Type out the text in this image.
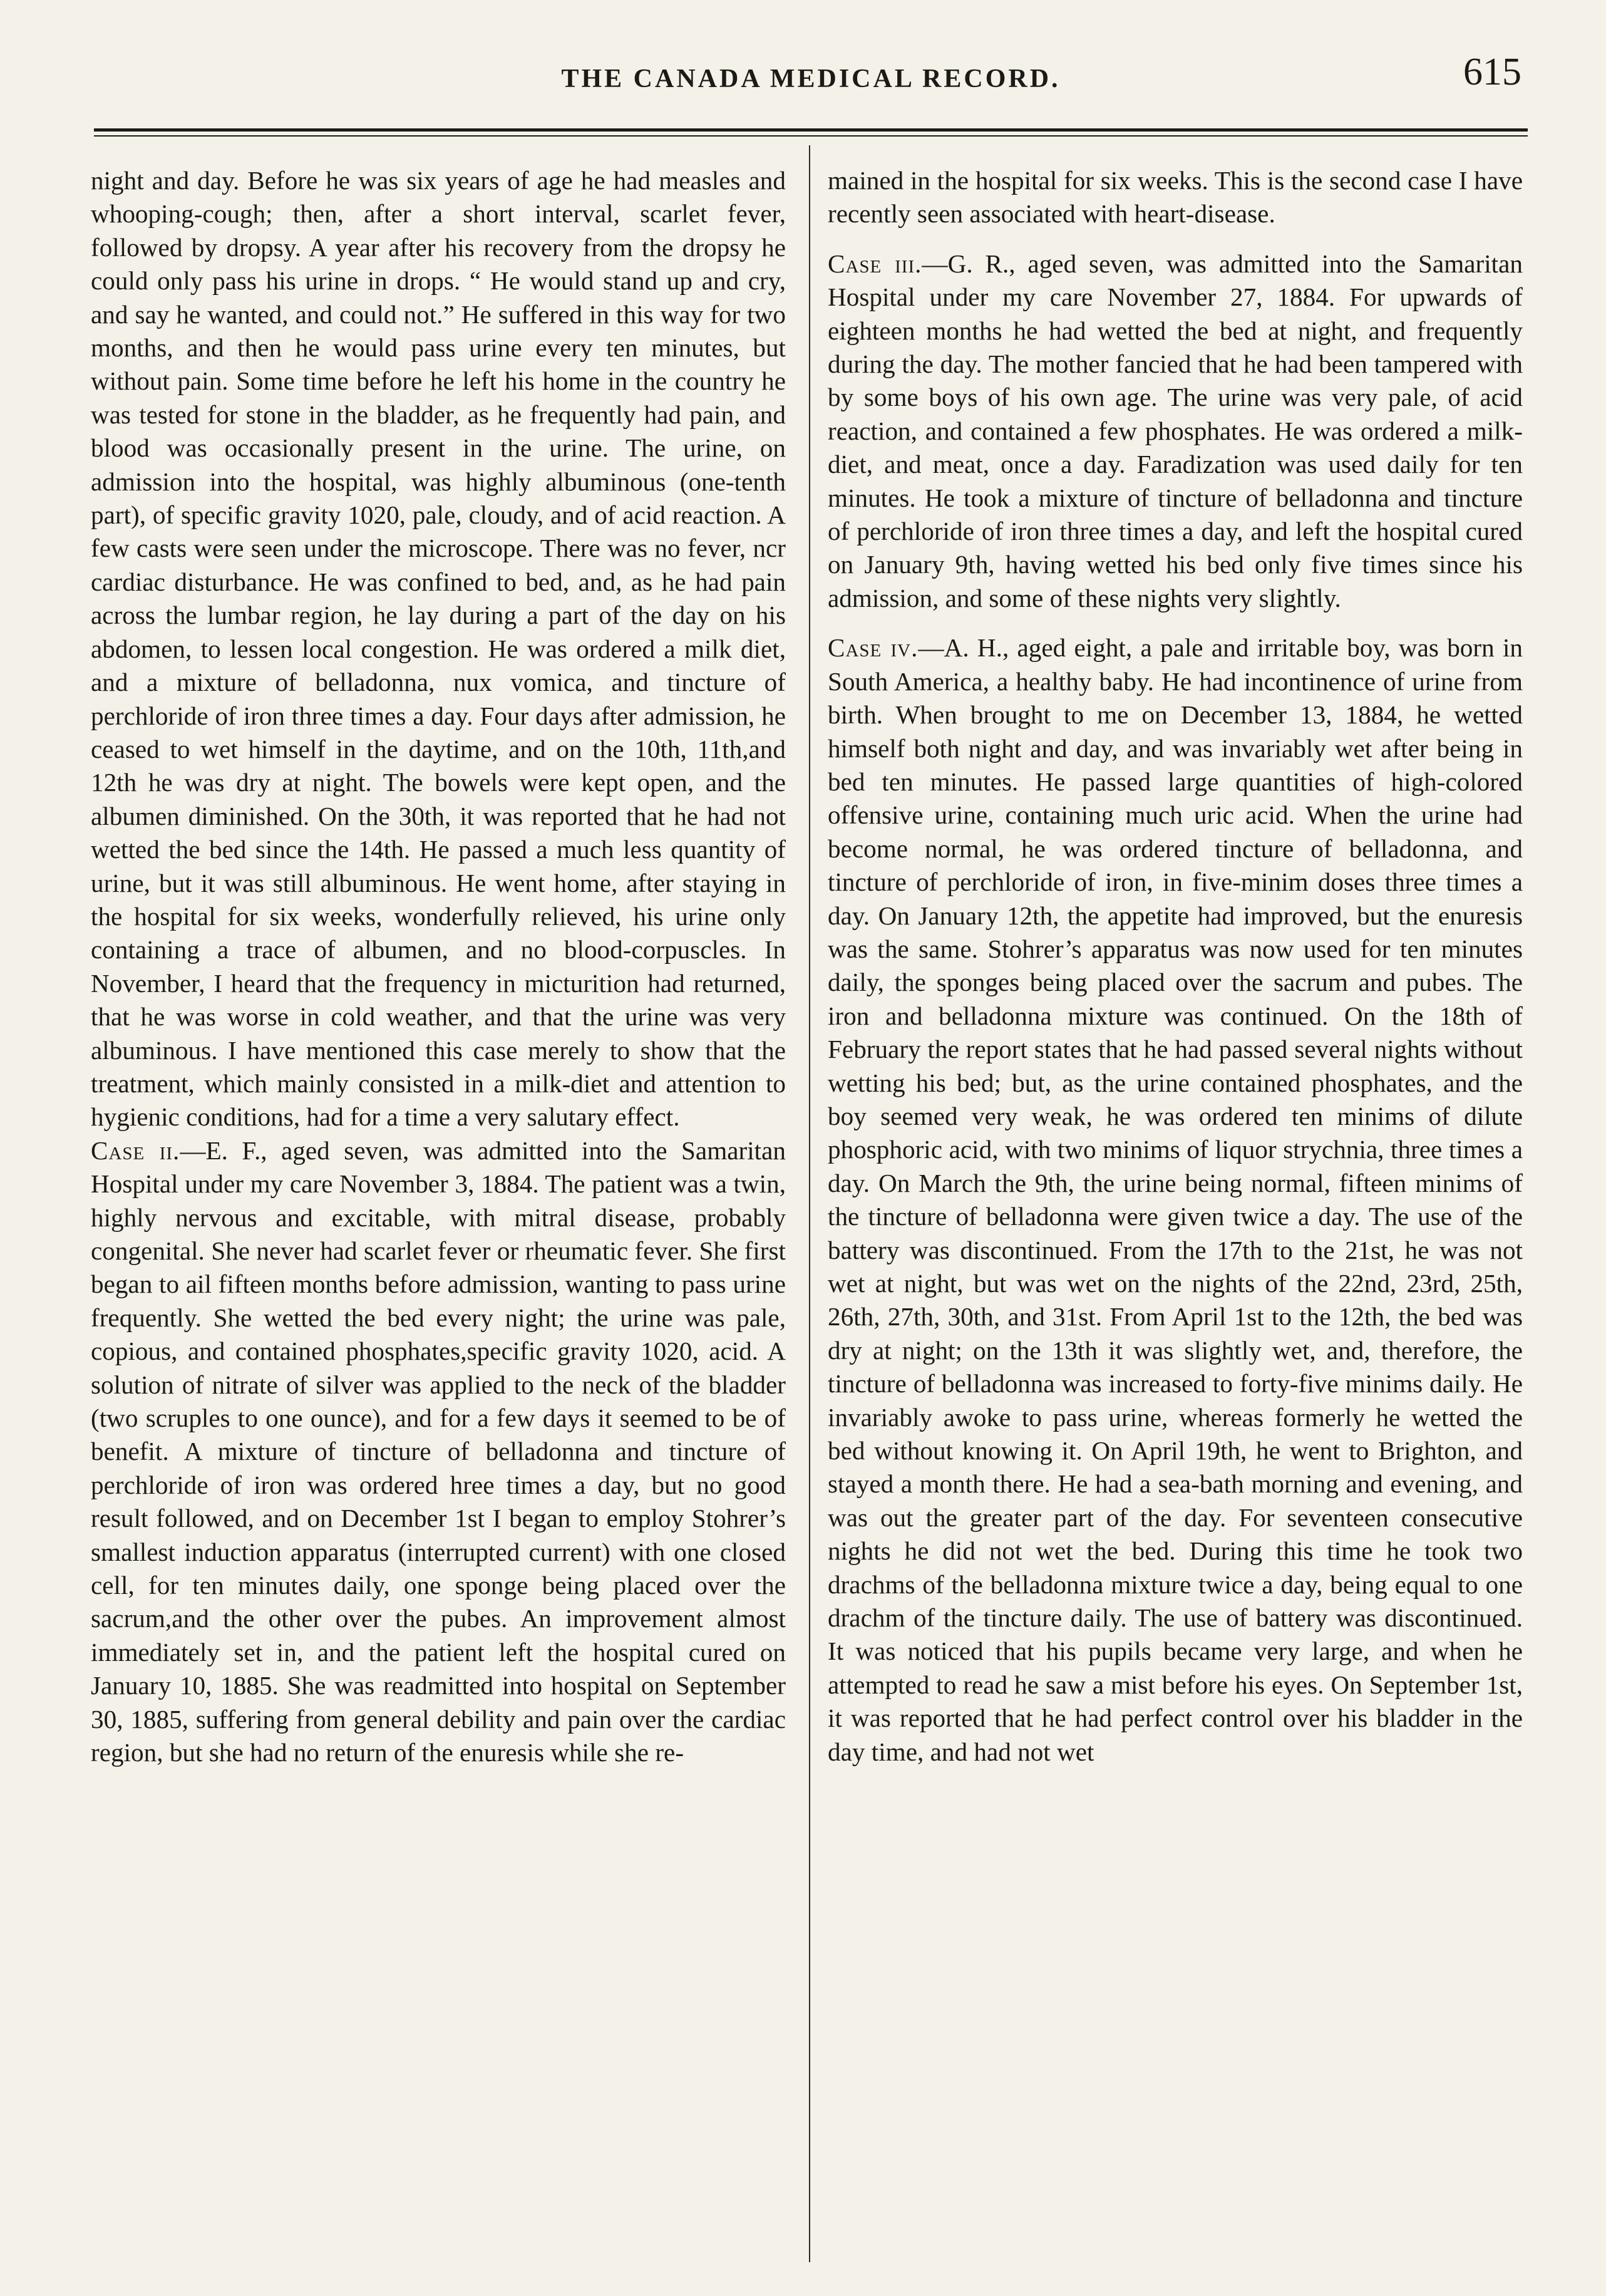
THE CANADA MEDICAL RECORD.	615

night and day. Before he was six years of age he had measles and whooping-cough; then, after a short interval, scarlet fever, followed by dropsy. A year after his recovery from the dropsy he could only pass his urine in drops. “ He would stand up and cry, and say he wanted, and could not.” He suffered in this way for two months, and then he would pass urine every ten minutes, but without pain. Some time before he left his home in the country he was tested for stone in the bladder, as he frequently had pain, and blood was occasionally present in the urine. The urine, on admission into the hospital, was highly albuminous (one-tenth part), of specific gravity 1020, pale, cloudy, and of acid reaction. A few casts were seen under the microscope. There was no fever, ncr cardiac disturbance. He was confined to bed, and, as he had pain across the lumbar region, he lay during a part of the day on his abdomen, to lessen local congestion. He was ordered a milk diet, and a mixture of belladonna, nux vomica, and tincture of perchloride of iron three times a day. Four days after admission, he ceased to wet himself in the daytime, and on the 10th, 11th,and 12th he was dry at night. The bowels were kept open, and the albumen diminished. On the 30th, it was reported that he had not wetted the bed since the 14th. He passed a much less quantity of urine, but it was still albuminous. He went home, after staying in the hospital for six weeks, wonderfully relieved, his urine only containing a trace of albumen, and no blood-corpuscles. In November, I heard that the frequency in micturition had returned, that he was worse in cold weather, and that the urine was very albuminous. I have mentioned this case merely to show that the treatment, which mainly consisted in a milk-diet and attention to hygienic conditions, had for a time a very salutary effect.

Case ii.—E. F., aged seven, was admitted into the Samaritan Hospital under my care November 3, 1884. The patient was a twin, highly nervous and excitable, with mitral disease, probably congenital. She never had scarlet fever or rheumatic fever. She first began to ail fifteen months before admission, wanting to pass urine frequently. She wetted the bed every night; the urine was pale, copious, and contained phosphates,specific gravity 1020, acid. A solution of nitrate of silver was applied to the neck of the bladder (two scruples to one ounce), and for a few days it seemed to be of benefit. A mixture of tincture of belladonna and tincture of perchloride of iron was ordered hree times a day, but no good result followed, and on December 1st I began to employ Stohrer’s smallest induction apparatus (interrupted current) with one closed cell, for ten minutes daily, one sponge being placed over the sacrum,and the other over the pubes. An improvement almost immediately set in, and the patient left the hospital cured on January 10, 1885. She was readmitted into hospital on September 30, 1885, suffering from general debility and pain over the cardiac region, but she had no return of the enuresis while she re-

mained in the hospital for six weeks. This is the second case I have recently seen associated with heart-disease.

Case iii.—G. R., aged seven, was admitted into the Samaritan Hospital under my care November 27, 1884. For upwards of eighteen months he had wetted the bed at night, and frequently during the day. The mother fancied that he had been tampered with by some boys of his own age. The urine was very pale, of acid reaction, and contained a few phosphates. He was ordered a milk-diet, and meat, once a day. Faradization was used daily for ten minutes. He took a mixture of tincture of belladonna and tincture of perchloride of iron three times a day, and left the hospital cured on January 9th, having wetted his bed only five times since his admission, and some of these nights very slightly.

Case iv.—A. H., aged eight, a pale and irritable boy, was born in South America, a healthy baby. He had incontinence of urine from birth. When brought to me on December 13, 1884, he wetted himself both night and day, and was invariably wet after being in bed ten minutes. He passed large quantities of high-colored offensive urine, containing much uric acid. When the urine had become normal, he was ordered tincture of belladonna, and tincture of perchloride of iron, in five-minim doses three times a day. On January 12th, the appetite had improved, but the enuresis was the same. Stohrer’s apparatus was now used for ten minutes daily, the sponges being placed over the sacrum and pubes. The iron and belladonna mixture was continued. On the 18th of February the report states that he had passed several nights without wetting his bed; but, as the urine contained phosphates, and the boy seemed very weak, he was ordered ten minims of dilute phosphoric acid, with two minims of liquor strychnia, three times a day. On March the 9th, the urine being normal, fifteen minims of the tincture of belladonna were given twice a day. The use of the battery was discontinued. From the 17th to the 21st, he was not wet at night, but was wet on the nights of the 22nd, 23rd, 25th, 26th, 27th, 30th, and 31st. From April 1st to the 12th, the bed was dry at night; on the 13th it was slightly wet, and, therefore, the tincture of belladonna was increased to forty-five minims daily. He invariably awoke to pass urine, whereas formerly he wetted the bed without knowing it. On April 19th, he went to Brighton, and stayed a month there. He had a sea-bath morning and evening, and was out the greater part of the day. For seventeen consecutive nights he did not wet the bed. During this time he took two drachms of the belladonna mixture twice a day, being equal to one drachm of the tincture daily. The use of battery was discontinued. It was noticed that his pupils became very large, and when he attempted to read he saw a mist before his eyes. On September 1st, it was reported that he had perfect control over his bladder in the day time, and had not wet
